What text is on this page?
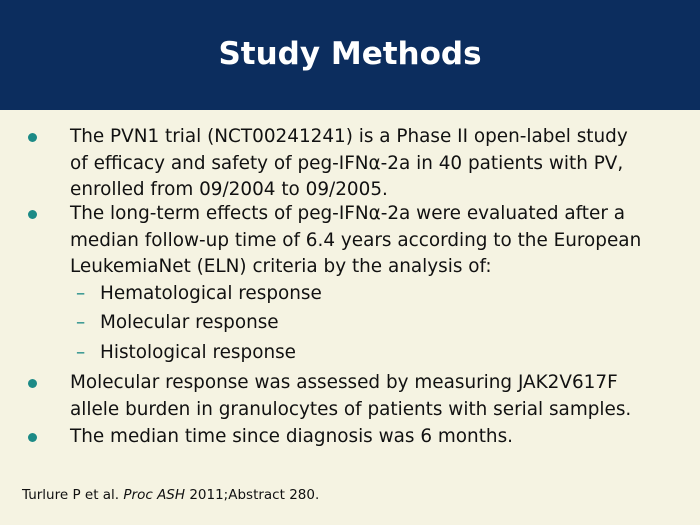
Study Methods
The PVN1 trial (NCT00241241) is a Phase II open-label study
of efficacy and safety of peg-IFNα-2a in 40 patients with PV,
enrolled from 09/2004 to 09/2005.
The long-term effects of peg-IFNα-2a were evaluated after a
median follow-up time of 6.4 years according to the European
LeukemiaNet (ELN) criteria by the analysis of:
– Hematological response
– Molecular response
– Histological response
Molecular response was assessed by measuring JAK2V617F
allele burden in granulocytes of patients with serial samples.
The median time since diagnosis was 6 months.
Turlure P et al. Proc ASH 2011;Abstract 280.
